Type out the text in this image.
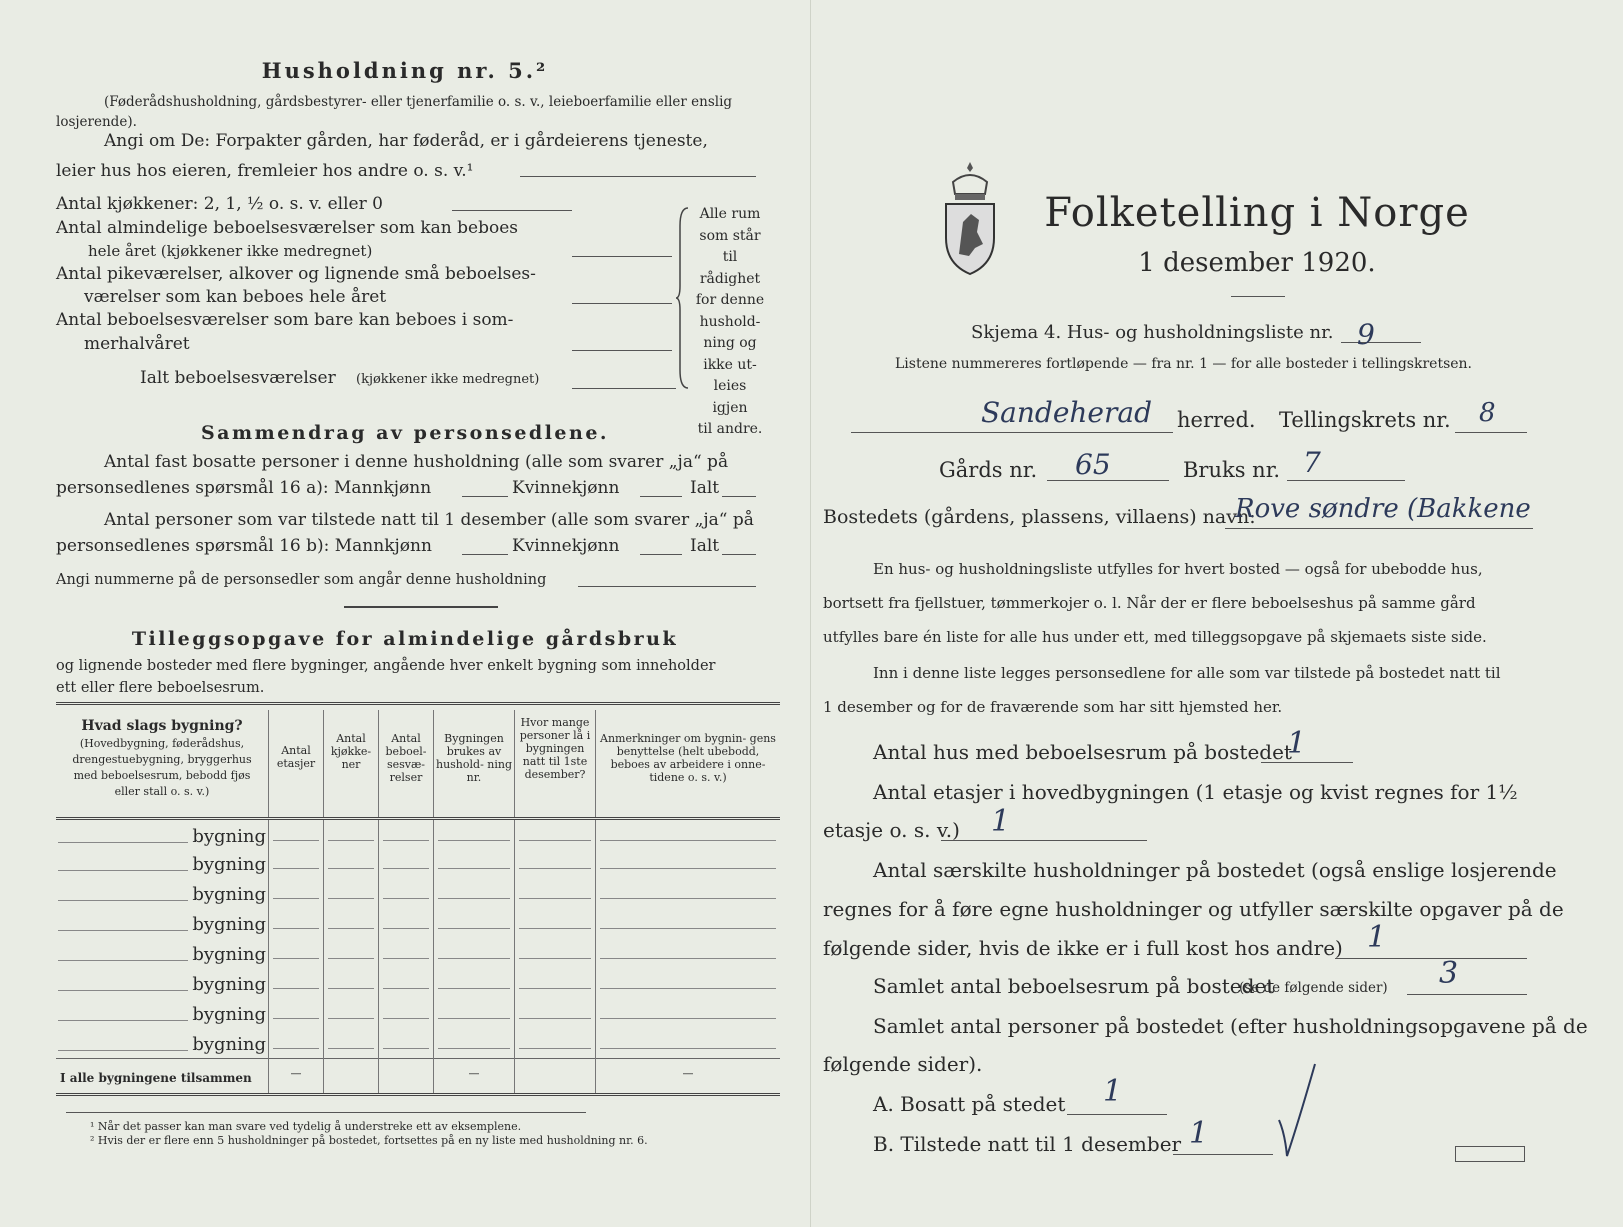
Husholdning nr. 5.²
(Føderådshusholdning, gårdsbestyrer- eller tjenerfamilie o. s. v., leieboerfamilie eller enslig losjerende).
Angi om De: Forpakter gården, har føderåd, er i gårdeierens tjeneste,
leier hus hos eieren, fremleier hos andre o. s. v.¹
Antal kjøkkener: 2, 1, ½ o. s. v. eller 0
Antal almindelige beboelsesværelser som kan beboes
hele året (kjøkkener ikke medregnet)
Antal pikeværelser, alkover og lignende små beboelses-
værelser som kan beboes hele året
Antal beboelsesværelser som bare kan beboes i som-
merhalvåret
Ialt beboelsesværelser (kjøkkener ikke medregnet)
Alle rum
som står til
rådighet
for denne
hushold-
ning og
ikke ut-
leies igjen
til andre.
Sammendrag av personsedlene.
Antal fast bosatte personer i denne husholdning (alle som svarer „ja“ på
personsedlenes spørsmål 16 a): Mannkjønn	Kvinnekjønn	Ialt
Antal personer som var tilstede natt til 1 desember (alle som svarer „ja“ på
personsedlenes spørsmål 16 b): Mannkjønn	Kvinnekjønn	Ialt
Angi nummerne på de personsedler som angår denne husholdning
Tilleggsopgave for almindelige gårdsbruk
og lignende bosteder med flere bygninger, angående hver enkelt bygning som inneholder
ett eller flere beboelsesrum.
Hvad slags bygning?
(Hovedbygning, føderådshus, drengestuebygning, bryggerhus med beboelsesrum, bebodd fjøs eller stall o. s. v.)	Antal etasjer	Antal kjøkke- ner	Antal beboel- sesvæ- relser	Bygningen brukes av hushold- ning nr.	Hvor mange personer lå i bygningen natt til 1ste desember?	Anmerkninger om bygnin- gens benyttelse (helt ubebodd, beboes av arbeidere i onne- tidene o. s. v.)

bygning						

bygning						

bygning						

bygning						

bygning						

bygning						

bygning						

bygning						

I alle bygningene tilsammen	—			—		—
¹ Når det passer kan man svare ved tydelig å understreke ett av eksemplene.
² Hvis der er flere enn 5 husholdninger på bostedet, fortsettes på en ny liste med husholdning nr. 6.
Folketelling i Norge
1 desember 1920.
Skjema 4. Hus- og husholdningsliste nr. 9
Listene nummereres fortløpende — fra nr. 1 — for alle bosteder i tellingskretsen.
Sandeherad herred. Tellingskrets nr. 8
Gårds nr. 65	Bruks nr. 7
Bostedets (gårdens, plassens, villaens) navn:
Rove søndre (Bakkene
En hus- og husholdningsliste utfylles for hvert bosted — også for ubebodde hus,
bortsett fra fjellstuer, tømmerkojer o. l. Når der er flere beboelseshus på samme gård
utfylles bare én liste for alle hus under ett, med tilleggsopgave på skjemaets siste side.
Inn i denne liste legges personsedlene for alle som var tilstede på bostedet natt til
1 desember og for de fraværende som har sitt hjemsted her.
Antal hus med beboelsesrum på bostedet
1
Antal etasjer i hovedbygningen (1 etasje og kvist regnes for 1½
etasje o. s. v.) 1
Antal særskilte husholdninger på bostedet (også enslige losjerende
regnes for å føre egne husholdninger og utfyller særskilte opgaver på de
følgende sider, hvis de ikke er i full kost hos andre) 1
Samlet antal beboelsesrum på bostedet
(se de følgende sider) 3
Samlet antal personer på bostedet (efter husholdningsopgavene på de
følgende sider).
A. Bosatt på stedet 1
B. Tilstede natt til 1 desember 1
